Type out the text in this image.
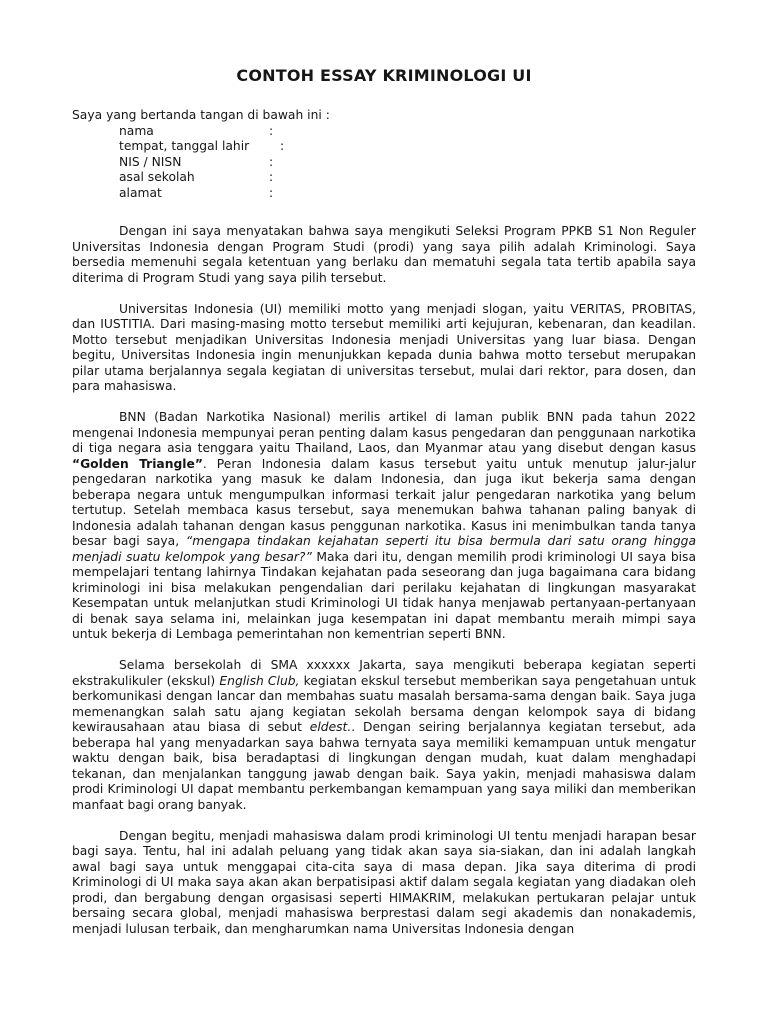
CONTOH ESSAY KRIMINOLOGI UI

Saya yang bertanda tangan di bawah ini :

nama	:
tempat, tanggal lahir	:
NIS / NISN	:
asal sekolah	:
alamat	:

Dengan ini saya menyatakan bahwa saya mengikuti Seleksi Program PPKB S1 Non Reguler Universitas Indonesia dengan Program Studi (prodi) yang saya pilih adalah Kriminologi. Saya bersedia memenuhi segala ketentuan yang berlaku dan mematuhi segala tata tertib apabila saya diterima di Program Studi yang saya pilih tersebut.

Universitas Indonesia (UI) memiliki motto yang menjadi slogan, yaitu VERITAS, PROBITAS, dan IUSTITIA. Dari masing-masing motto tersebut memiliki arti kejujuran, kebenaran, dan keadilan. Motto tersebut menjadikan Universitas Indonesia menjadi Universitas yang luar biasa. Dengan begitu, Universitas Indonesia ingin menunjukkan kepada dunia bahwa motto tersebut merupakan pilar utama berjalannya segala kegiatan di universitas tersebut, mulai dari rektor, para dosen, dan para mahasiswa.

BNN (Badan Narkotika Nasional) merilis artikel di laman publik BNN pada tahun 2022 mengenai Indonesia mempunyai peran penting dalam kasus pengedaran dan penggunaan narkotika di tiga negara asia tenggara yaitu Thailand, Laos, dan Myanmar atau yang disebut dengan kasus “Golden Triangle”. Peran Indonesia dalam kasus tersebut yaitu untuk menutup jalur-jalur pengedaran narkotika yang masuk ke dalam Indonesia, dan juga ikut bekerja sama dengan beberapa negara untuk mengumpulkan informasi terkait jalur pengedaran narkotika yang belum tertutup. Setelah membaca kasus tersebut, saya menemukan bahwa tahanan paling banyak di Indonesia adalah tahanan dengan kasus penggunan narkotika. Kasus ini menimbulkan tanda tanya besar bagi saya, “mengapa tindakan kejahatan seperti itu bisa bermula dari satu orang hingga menjadi suatu kelompok yang besar?” Maka dari itu, dengan memilih prodi kriminologi UI saya bisa mempelajari tentang lahirnya Tindakan kejahatan pada seseorang dan juga bagaimana cara bidang kriminologi ini bisa melakukan pengendalian dari perilaku kejahatan di lingkungan masyarakat Kesempatan untuk melanjutkan studi Kriminologi UI tidak hanya menjawab pertanyaan-pertanyaan di benak saya selama ini, melainkan juga kesempatan ini dapat membantu meraih mimpi saya untuk bekerja di Lembaga pemerintahan non kementrian seperti BNN.

Selama bersekolah di SMA xxxxxx Jakarta, saya mengikuti beberapa kegiatan seperti ekstrakulikuler (ekskul) English Club, kegiatan ekskul tersebut memberikan saya pengetahuan untuk berkomunikasi dengan lancar dan membahas suatu masalah bersama-sama dengan baik. Saya juga memenangkan salah satu ajang kegiatan sekolah bersama dengan kelompok saya di bidang kewirausahaan atau biasa di sebut eldest.. Dengan seiring berjalannya kegiatan tersebut, ada beberapa hal yang menyadarkan saya bahwa ternyata saya memiliki kemampuan untuk mengatur waktu dengan baik, bisa beradaptasi di lingkungan dengan mudah, kuat dalam menghadapi tekanan, dan menjalankan tanggung jawab dengan baik. Saya yakin, menjadi mahasiswa dalam prodi Kriminologi UI dapat membantu perkembangan kemampuan yang saya miliki dan memberikan manfaat bagi orang banyak.

Dengan begitu, menjadi mahasiswa dalam prodi kriminologi UI tentu menjadi harapan besar bagi saya. Tentu, hal ini adalah peluang yang tidak akan saya sia-siakan, dan ini adalah langkah awal bagi saya untuk menggapai cita-cita saya di masa depan. Jika saya diterima di prodi Kriminologi di UI maka saya akan akan berpatisipasi aktif dalam segala kegiatan yang diadakan oleh prodi, dan bergabung dengan orgasisasi seperti HIMAKRIM, melakukan pertukaran pelajar untuk bersaing secara global, menjadi mahasiswa berprestasi dalam segi akademis dan nonakademis, menjadi lulusan terbaik, dan mengharumkan nama Universitas Indonesia dengan
